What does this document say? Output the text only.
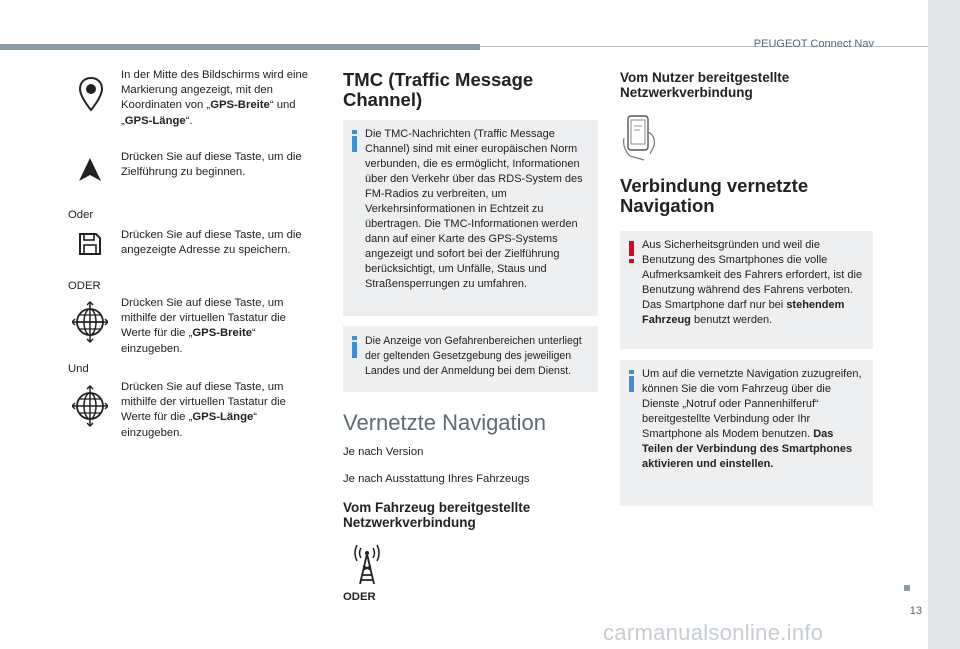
PEUGEOT Connect Nav
13
carmanualsonline.info
In der Mitte des Bildschirms wird eine Markierung angezeigt, mit den Koordinaten von „GPS-Breite“ und „GPS-Länge“.
Drücken Sie auf diese Taste, um die Zielführung zu beginnen.
Oder
Drücken Sie auf diese Taste, um die angezeigte Adresse zu speichern.
ODER
Drücken Sie auf diese Taste, um mithilfe der virtuellen Tastatur die Werte für die „GPS-Breite“ einzugeben.
Und
Drücken Sie auf diese Taste, um mithilfe der virtuellen Tastatur die Werte für die „GPS-Länge“ einzugeben.
TMC (Traffic Message
Channel)
Die TMC-Nachrichten (Traffic Message Channel) sind mit einer europäischen Norm verbunden, die es ermöglicht, Informationen über den Verkehr über das RDS-System des FM-Radios zu verbreiten, um Verkehrsinformationen in Echtzeit zu übertragen. Die TMC-Informationen werden dann auf einer Karte des GPS-Systems angezeigt und sofort bei der Zielführung berücksichtigt, um Unfälle, Staus und Straßensperrungen zu umfahren.
Die Anzeige von Gefahrenbereichen unterliegt der geltenden Gesetzgebung des jeweiligen Landes und der Anmeldung bei dem Dienst.
Vernetzte Navigation
Je nach Version
Je nach Ausstattung Ihres Fahrzeugs
Vom Fahrzeug bereitgestellte
Netzwerkverbindung
ODER
Vom Nutzer bereitgestellte
Netzwerkverbindung
Verbindung vernetzte
Navigation
Aus Sicherheitsgründen und weil die Benutzung des Smartphones die volle Aufmerksamkeit des Fahrers erfordert, ist die Benutzung während des Fahrens verboten. Das Smartphone darf nur bei stehendem Fahrzeug benutzt werden.
Um auf die vernetzte Navigation zuzugreifen, können Sie die vom Fahrzeug über die Dienste „Notruf oder Pannenhilferuf“ bereitgestellte Verbindung oder Ihr Smartphone als Modem benutzen. Das Teilen der Verbindung des Smartphones aktivieren und einstellen.
